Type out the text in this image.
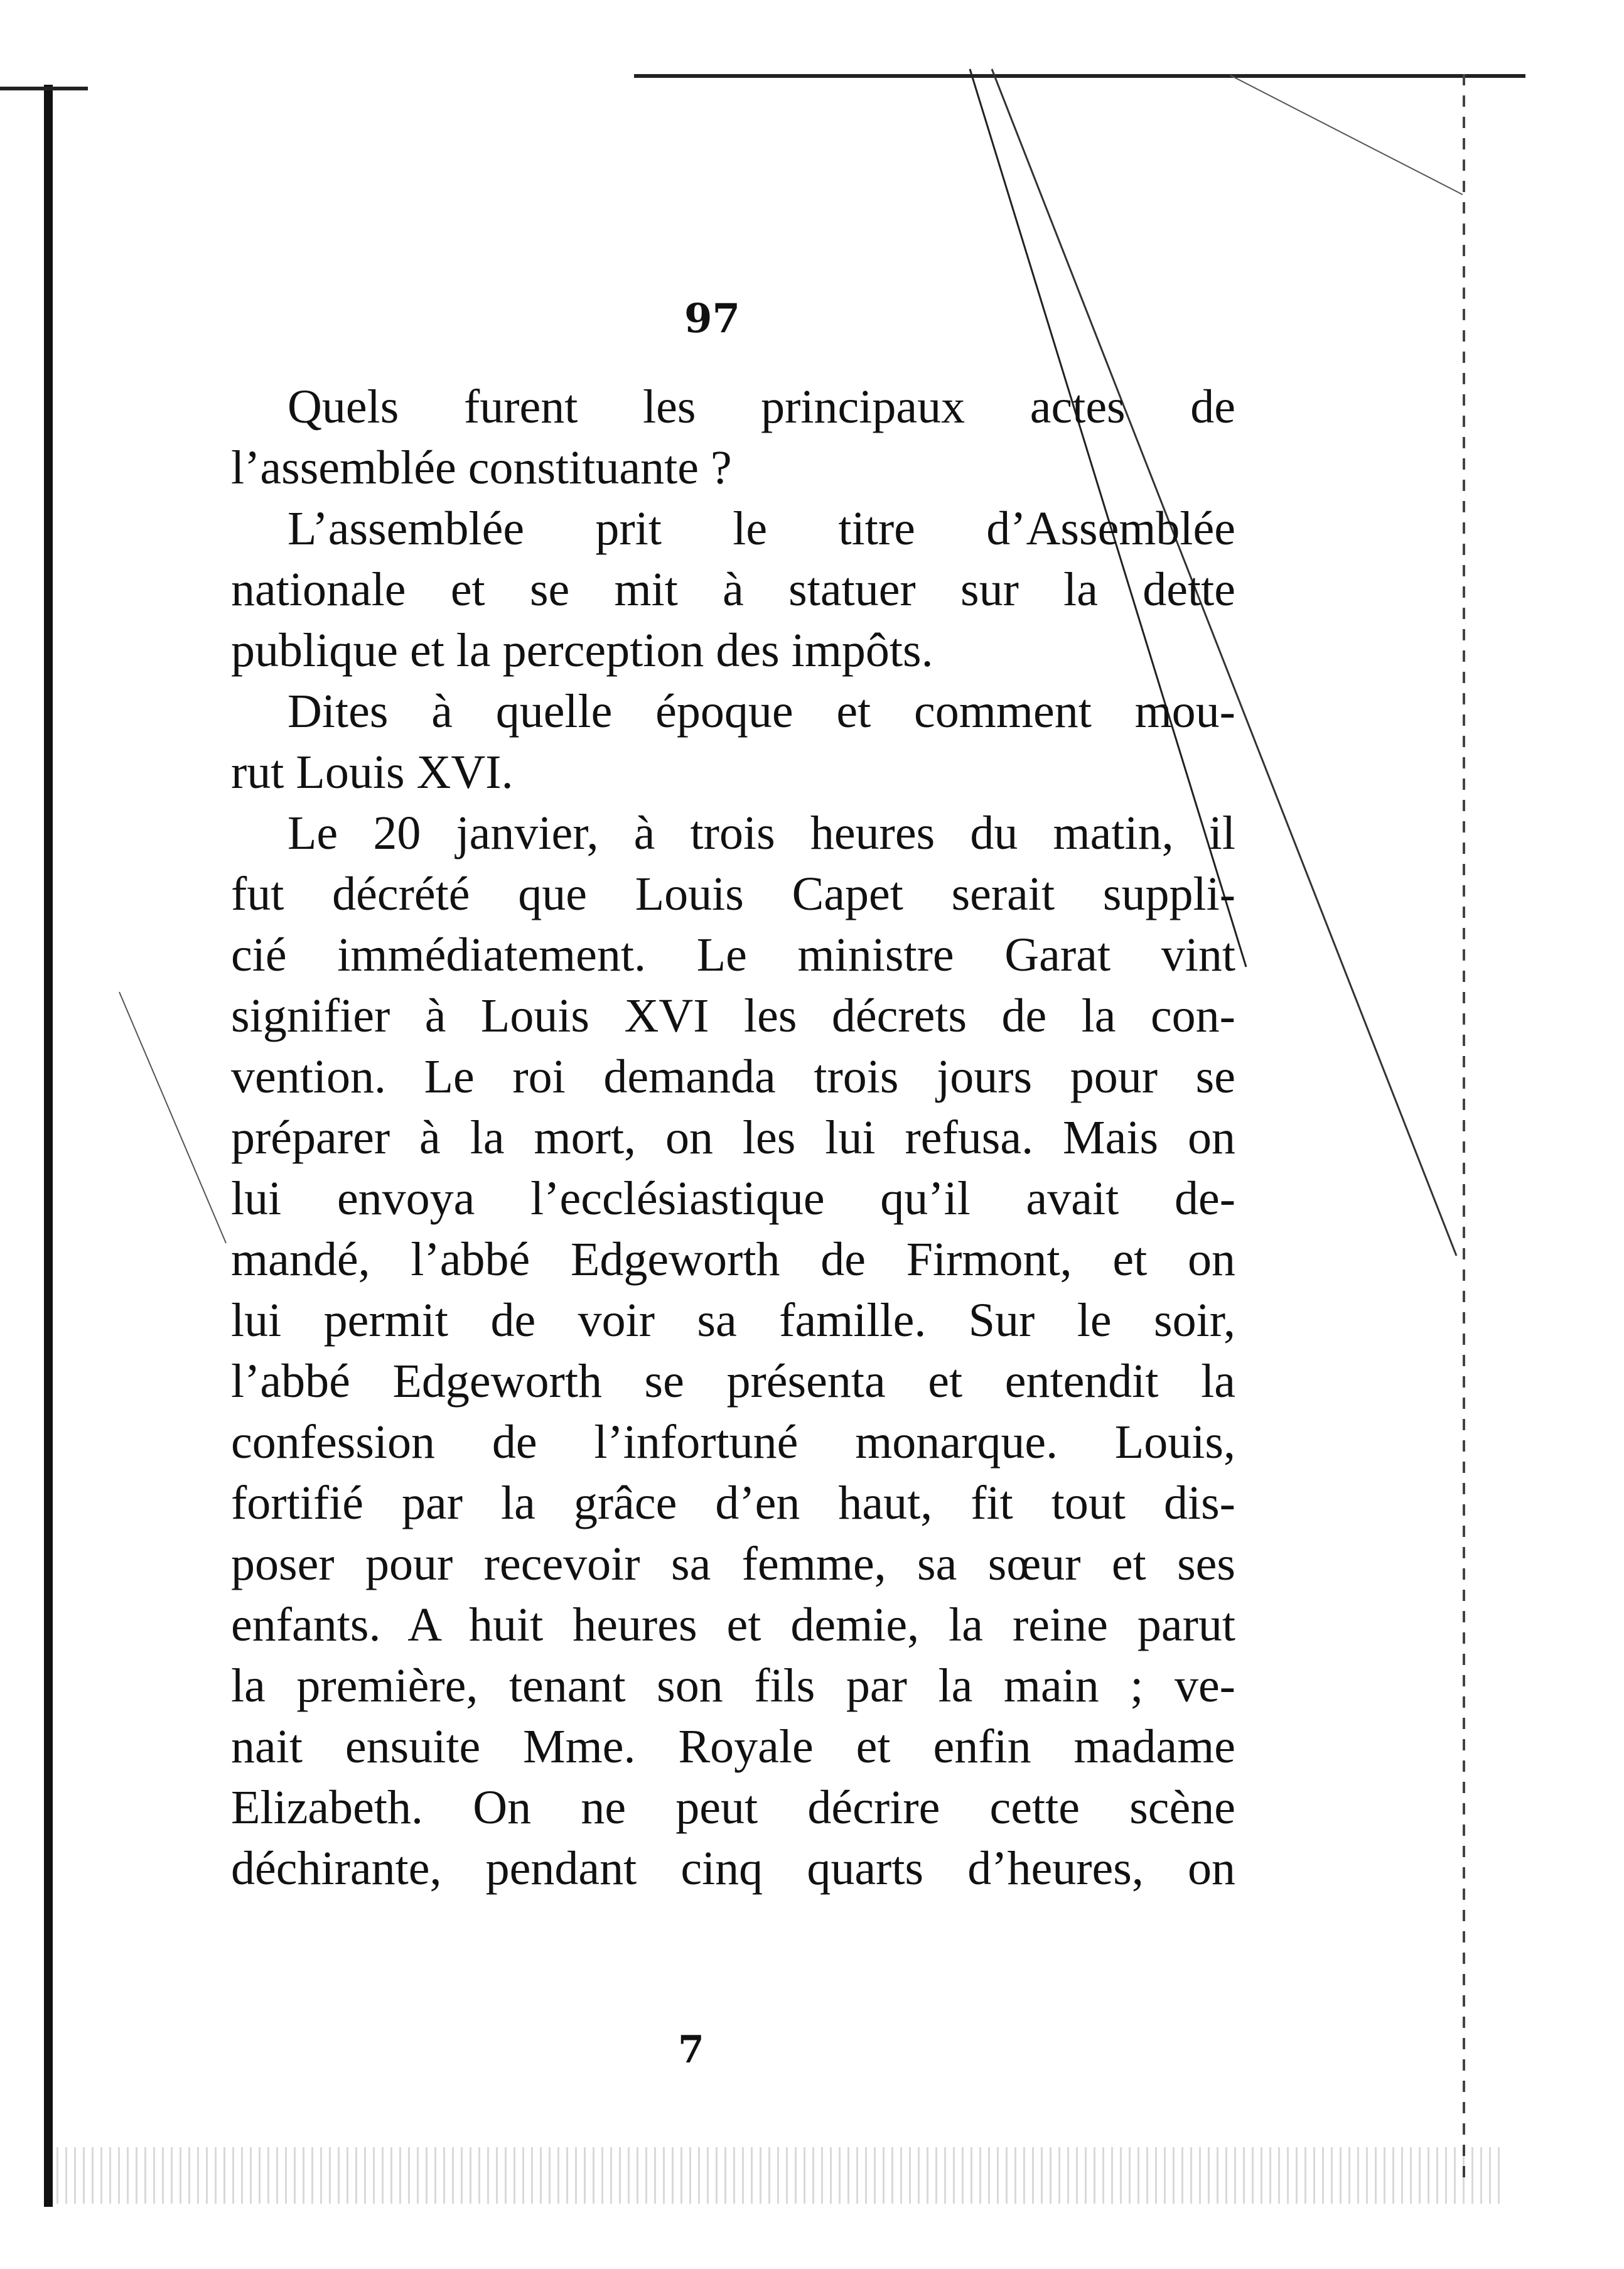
97
Quels furent les principaux actes de
l’assemblée constituante ?
L’assemblée prit le titre d’Assemblée
nationale et se mit à statuer sur la dette
publique et la perception des impôts.
Dites à quelle époque et comment mou-
rut Louis XVI.
Le 20 janvier, à trois heures du matin, il
fut décrété que Louis Capet serait suppli-
cié immédiatement. Le ministre Garat vint
signifier à Louis XVI les décrets de la con-
vention. Le roi demanda trois jours pour se
préparer à la mort, on les lui refusa. Mais on
lui envoya l’ecclésiastique qu’il avait de-
mandé, l’abbé Edgeworth de Firmont, et on
lui permit de voir sa famille. Sur le soir,
l’abbé Edgeworth se présenta et entendit la
confession de l’infortuné monarque. Louis,
fortifié par la grâce d’en haut, fit tout dis-
poser pour recevoir sa femme, sa sœur et ses
enfants. A huit heures et demie, la reine parut
la première, tenant son fils par la main ; ve-
nait ensuite Mme. Royale et enfin madame
Elizabeth. On ne peut décrire cette scène
déchirante, pendant cinq quarts d’heures, on
7
